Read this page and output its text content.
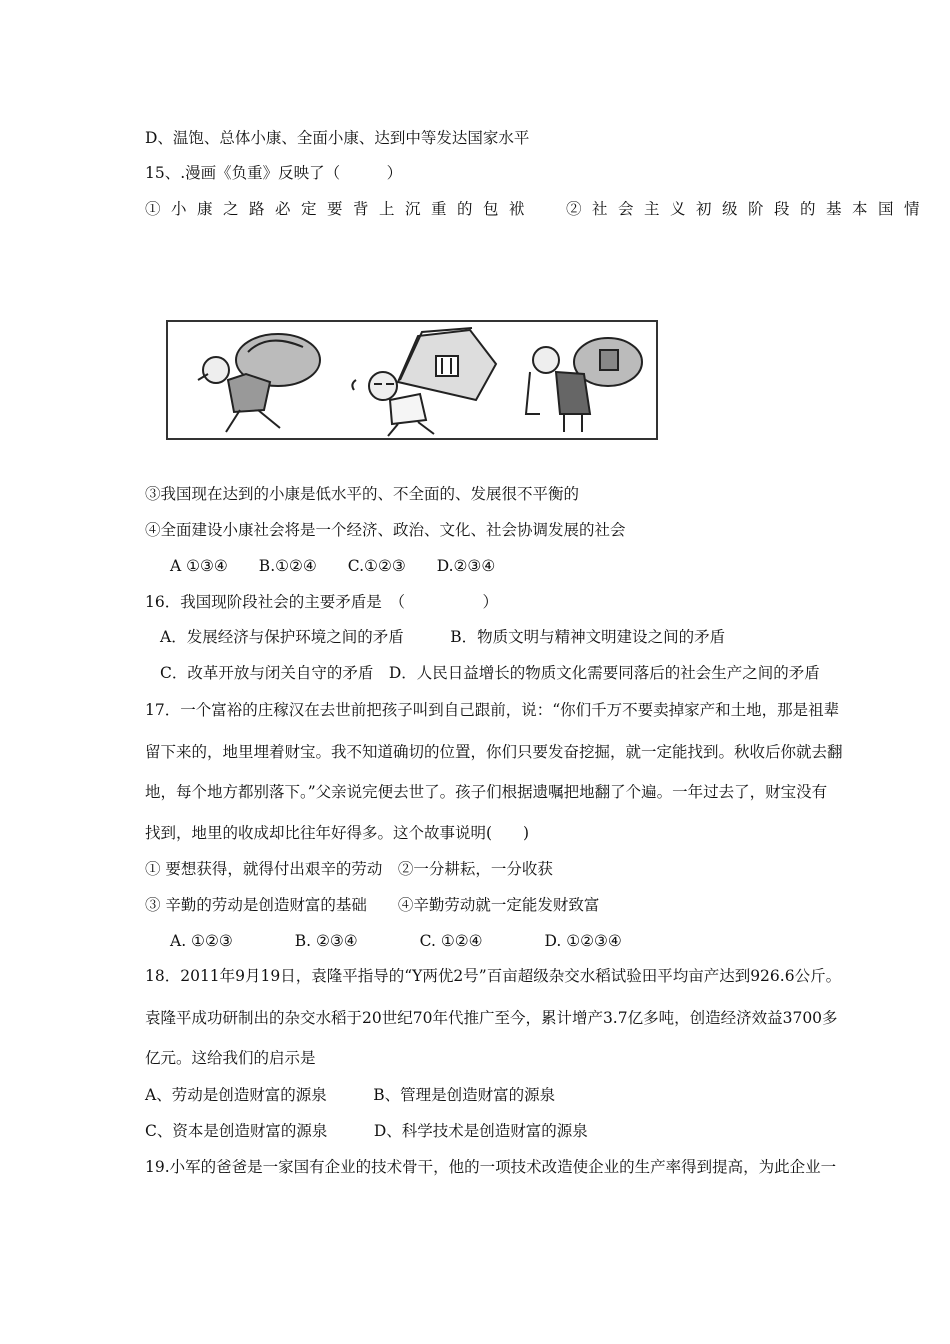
D、温饱、总体小康、全面小康、达到中等发达国家水平
15、.漫画《负重》反映了（　　　）
①小康之路必定要背上沉重的包袱 ②社会主义初级阶段的基本国情
③我国现在达到的小康是低水平的、不全面的、发展很不平衡的
④全面建设小康社会将是一个经济、政治、文化、社会协调发展的社会
A ①③④　　B.①②④　　C.①②③　　D.②③④
16．我国现阶段社会的主要矛盾是　（　　　　　）
A．发展经济与保护环境之间的矛盾　　　B．物质文明与精神文明建设之间的矛盾
C．改革开放与闭关自守的矛盾　D．人民日益增长的物质文化需要同落后的社会生产之间的矛盾
17．一个富裕的庄稼汉在去世前把孩子叫到自己跟前，说：“你们千万不要卖掉家产和土地，那是祖辈
留下来的，地里埋着财宝。我不知道确切的位置，你们只要发奋挖掘，就一定能找到。秋收后你就去翻
地，每个地方都别落下。”父亲说完便去世了。孩子们根据遗嘱把地翻了个遍。一年过去了，财宝没有
找到，地里的收成却比往年好得多。这个故事说明(　　)
① 要想获得，就得付出艰辛的劳动　②一分耕耘，一分收获
③ 辛勤的劳动是创造财富的基础　　④辛勤劳动就一定能发财致富
A. ①②③　　　　B. ②③④　　　　C. ①②④　　　　D. ①②③④
18．2011年9月19日，袁隆平指导的“Y两优2号”百亩超级杂交水稻试验田平均亩产达到926.6公斤。
袁隆平成功研制出的杂交水稻于20世纪70年代推广至今，累计增产3.7亿多吨，创造经济效益3700多
亿元。这给我们的启示是
A、劳动是创造财富的源泉　　　B、管理是创造财富的源泉
C、资本是创造财富的源泉　　　D、科学技术是创造财富的源泉
19.小军的爸爸是一家国有企业的技术骨干，他的一项技术改造使企业的生产率得到提高，为此企业一
